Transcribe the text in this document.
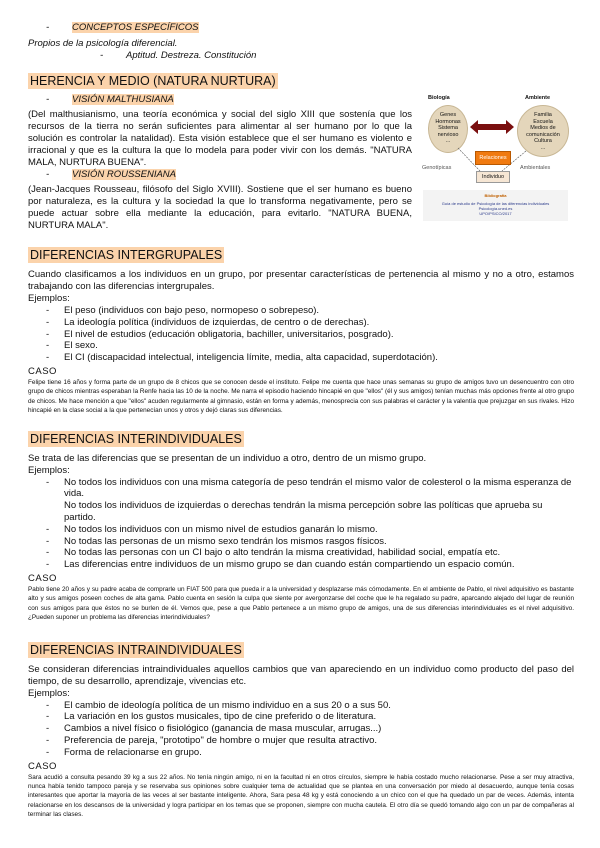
- CONCEPTOS ESPECÍFICOS
Propios de la psicología diferencial.
- Aptitud. Destreza. Constitución
HERENCIA Y MEDIO (NATURA NURTURA)
- VISIÓN MALTHUSIANA

(Del malthusianismo, una teoría económica y social del siglo XIII que sostenía que los recursos de la tierra no serán suficientes para alimentar al ser humano por lo que la solución es controlar la natalidad). Esta visión establece que el ser humano es violento e irracional y que es la cultura la que lo modela para poder vivir con los demás. "NATURA MALA, NURTURA BUENA".

- VISIÓN ROUSSENIANA

(Jean-Jacques Rousseau, filósofo del Siglo XVIII). Sostiene que el ser humano es bueno por naturaleza, es la cultura y la sociedad la que lo transforma negativamente, pero se puede actuar sobre ella mediante la educación, para evitarlo. "NATURA BUENA, NURTURA MALA".

Biología	Ambiente
Genes
Hormonas
Sistema
nervioso
...
Familia
Escuela
Medios de
comunicación
Cultura
...
Relaciones
Genotípicas	Ambientales
Individuo
Bibliografía
Guía de estudio de Psicología de las diferencias individuales
Psicología.uned.es
UPO/PSICO/2017
DIFERENCIAS INTERGRUPALES

Cuando clasificamos a los individuos en un grupo, por presentar características de pertenencia al mismo y no a otro, estamos trabajando con las diferencias intergrupales.

Ejemplos:
-	El peso (individuos con bajo peso, normopeso o sobrepeso).
-	La ideología política (individuos de izquierdas, de centro o de derechas).
-	El nivel de estudios (educación obligatoria, bachiller, universitarios, posgrado).
-	El sexo.
-	El CI (discapacidad intelectual, inteligencia límite, media, alta capacidad, superdotación).
CASO

Felipe tiene 16 años y forma parte de un grupo de 8 chicos que se conocen desde el instituto. Felipe me cuenta que hace unas semanas su grupo de amigos tuvo un desencuentro con otro grupo de chicos mientras esperaban la Renfe hacia las 10 de la noche. Me narra el episodio haciendo hincapié en que "ellos" (él y sus amigos) tenían muchas más opciones frente al otro grupo de chicos. Me hace mención a que "ellos" acuden regularmente al gimnasio, están en forma y además, menosprecia con sus palabras el carácter y la valentía que prejuzgar en sus rivales. Hizo hincapié en la clase social a la que pertenecían unos y otros y dejó claras sus diferencias.

DIFERENCIAS INTERINDIVIDUALES

Se trata de las diferencias que se presentan de un individuo a otro, dentro de un mismo grupo.

Ejemplos:
-	No todos los individuos con una misma categoría de peso tendrán el mismo valor de colesterol o la misma esperanza de vida.
No todos los individuos de izquierdas o derechas tendrán la misma percepción sobre las políticas que aprueba su partido.
-	No todos los individuos con un mismo nivel de estudios ganarán lo mismo.
-	No todas las personas de un mismo sexo tendrán los mismos rasgos físicos.
-	No todas las personas con un CI bajo o alto tendrán la misma creatividad, habilidad social, empatía etc.
-	Las diferencias entre individuos de un mismo grupo se dan cuando están compartiendo un espacio común.
CASO

Pablo tiene 20 años y su padre acaba de comprarle un FIAT 500 para que pueda ir a la universidad y desplazarse más cómodamente. En el ambiente de Pablo, el nivel adquisitivo es bastante alto y sus amigos poseen coches de alta gama. Pablo cuenta en sesión la culpa que siente por avergonzarse del coche que le ha regalado su padre, aparcando alejado del lugar de reunión con sus amigos para que éstos no se burlen de él. Vemos que, pese a que Pablo pertenece a un mismo grupo de amigos, una de sus diferencias interindividuales es el nivel adquisitivo. ¿Pueden suponer un problema las diferencias interindividuales?

DIFERENCIAS INTRAINDIVIDUALES

Se consideran diferencias intraindividuales aquellos cambios que van apareciendo en un individuo como producto del paso del tiempo, de su desarrollo, aprendizaje, vivencias etc.

Ejemplos:
-	El cambio de ideología política de un mismo individuo en a sus 20 o a sus 50.
-	La variación en los gustos musicales, tipo de cine preferido o de literatura.
-	Cambios a nivel físico o fisiológico (ganancia de masa muscular, arrugas...)
-	Preferencia de pareja, "prototipo" de hombre o mujer que resulta atractivo.
-	Forma de relacionarse en grupo.
CASO

Sara acudió a consulta pesando 39 kg a sus 22 años. No tenía ningún amigo, ni en la facultad ni en otros círculos, siempre le había costado mucho relacionarse. Pese a ser muy atractiva, nunca había tenido tampoco pareja y se reservaba sus opiniones sobre cualquier tema de actualidad que se plantea en una conversación por miedo al desacuerdo, aunque tenía cosas interesantes que aportar la mayoría de las veces al ser bastante inteligente. Ahora, Sara pesa 48 kg y está conociendo a un chico con el que ha quedado un par de veces. Además, intenta relacionarse en los descansos de la universidad y logra participar en los temas que se proponen, siempre con mucha cautela. El otro día se quedó tomando algo con un par de compañeras al terminar las clases.
